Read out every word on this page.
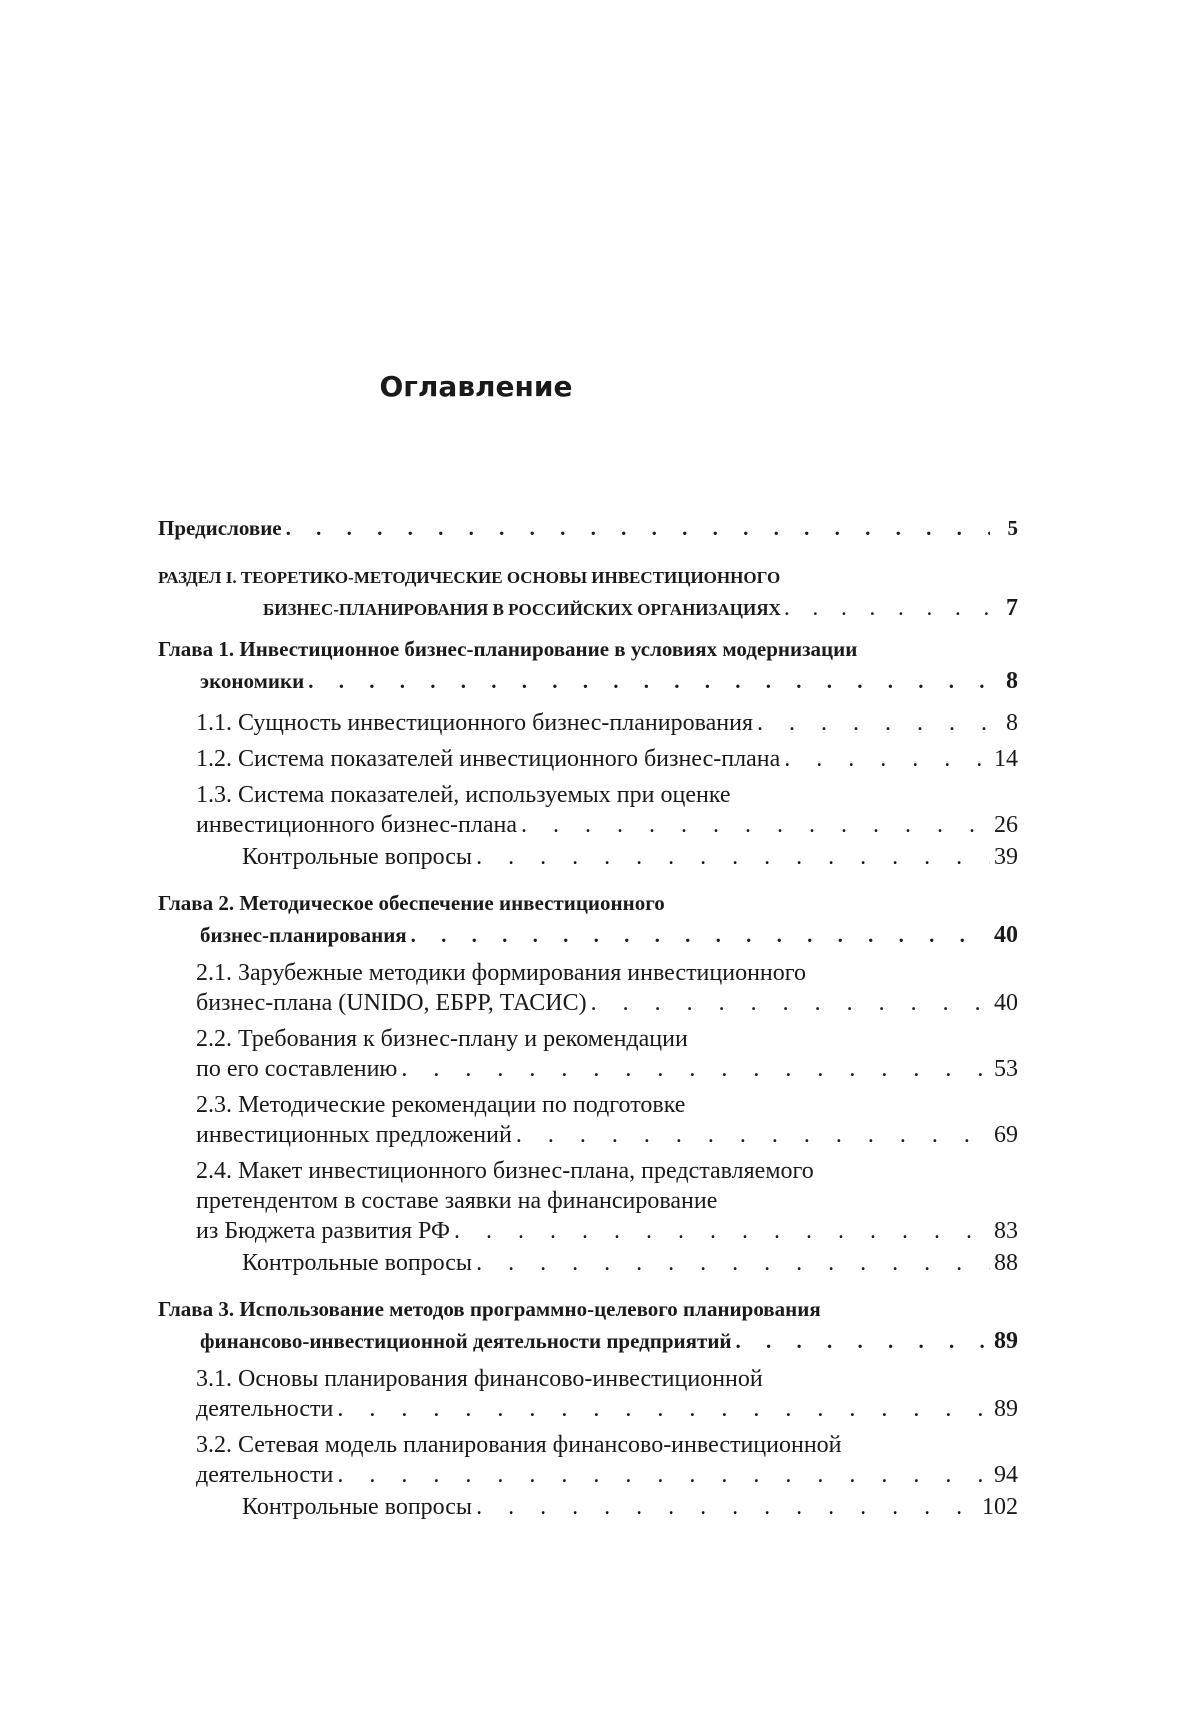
Оглавление
Предисловие . . .	5
РАЗДЕЛ I. ТЕОРЕТИКО-МЕТОДИЧЕСКИЕ ОСНОВЫ ИНВЕСТИЦИОННОГО
БИЗНЕС-ПЛАНИРОВАНИЯ В РОССИЙСКИХ ОРГАНИЗАЦИЯХ . . .	7
Глава 1. Инвестиционное бизнес-планирование в условиях модернизации
экономики . . .	8
1.1. Сущность инвестиционного бизнес-планирования . . .	8
1.2. Система показателей инвестиционного бизнес-плана . . .	14
1.3. Система показателей, используемых при оценке
инвестиционного бизнес-плана . . .	26
Контрольные вопросы . . .	39
Глава 2. Методическое обеспечение инвестиционного
бизнес-планирования . . .	40
2.1. Зарубежные методики формирования инвестиционного
бизнес-плана (UNIDO, ЕБРР, ТАСИС) . . .	40
2.2. Требования к бизнес-плану и рекомендации
по его составлению . . .	53
2.3. Методические рекомендации по подготовке
инвестиционных предложений . . .	69
2.4. Макет инвестиционного бизнес-плана, представляемого
претендентом в составе заявки на финансирование
из Бюджета развития РФ . . .	83
Контрольные вопросы . . .	88
Глава 3. Использование методов программно-целевого планирования
финансово-инвестиционной деятельности предприятий . . .	89
3.1. Основы планирования финансово-инвестиционной
деятельности . . .	89
3.2. Сетевая модель планирования финансово-инвестиционной
деятельности . . .	94
Контрольные вопросы . . .	102
